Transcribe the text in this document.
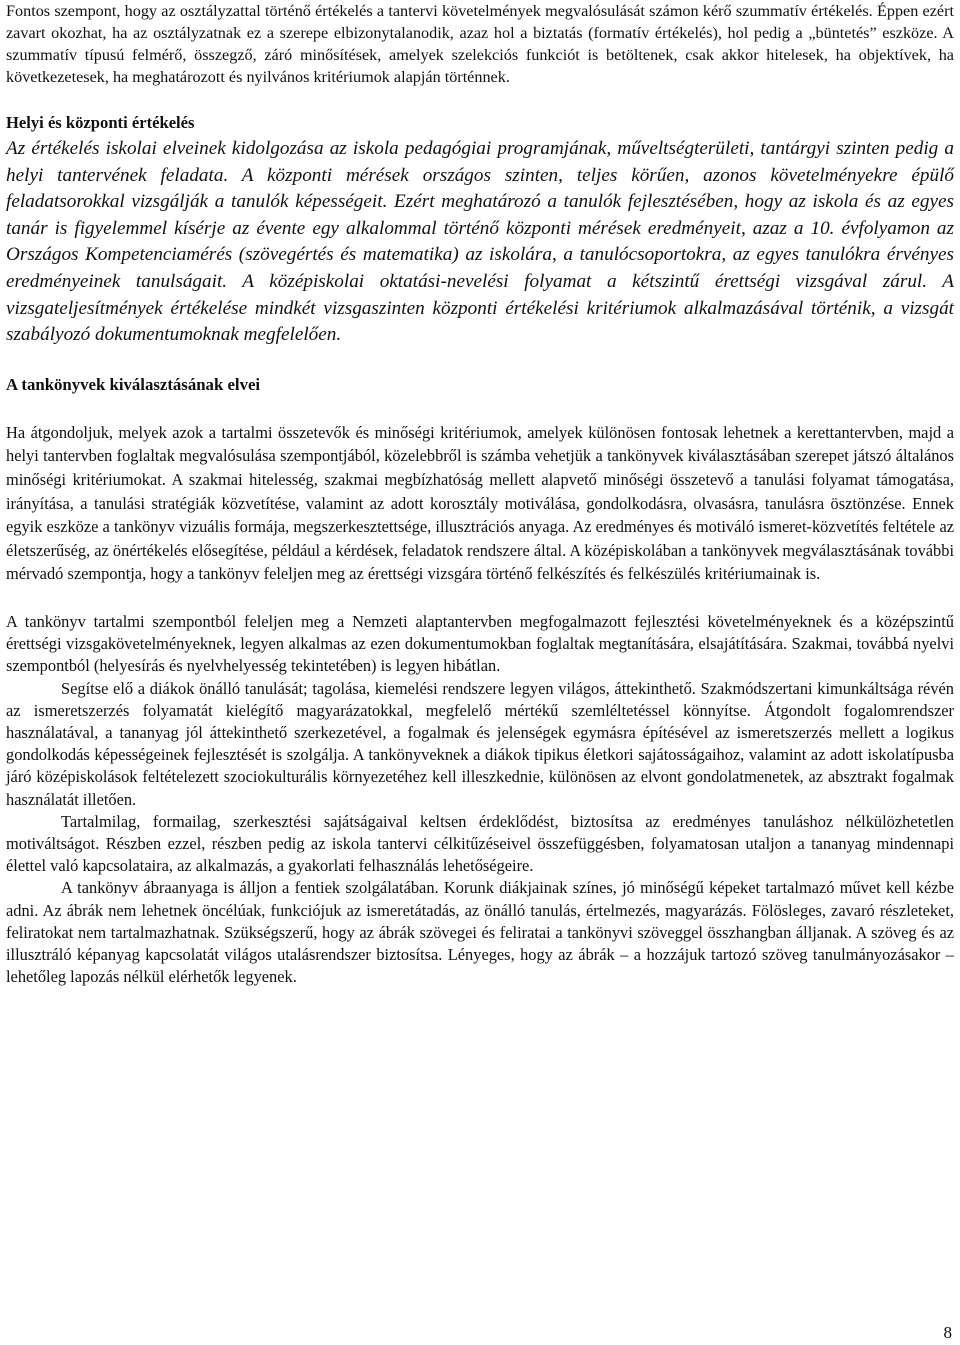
Fontos szempont, hogy az osztályzattal történő értékelés a tantervi követelmények megvalósulását számon kérő szummatív értékelés. Éppen ezért zavart okozhat, ha az osztályzatnak ez a szerepe elbizonytalanodik, azaz hol a biztatás (formatív értékelés), hol pedig a „büntetés” eszköze. A szummatív típusú felmérő, összegző, záró minősítések, amelyek szelekciós funkciót is betöltenek, csak akkor hitelesek, ha objektívek, ha következetesek, ha meghatározott és nyilvános kritériumok alapján történnek.

Helyi és központi értékelés

Az értékelés iskolai elveinek kidolgozása az iskola pedagógiai programjának, műveltségterületi, tantárgyi szinten pedig a helyi tantervének feladata. A központi mérések országos szinten, teljes körűen, azonos követelményekre épülő feladatsorokkal vizsgálják a tanulók képességeit. Ezért meghatározó a tanulók fejlesztésében, hogy az iskola és az egyes tanár is figyelemmel kísérje az évente egy alkalommal történő központi mérések eredményeit, azaz a 10. évfolyamon az Országos Kompetenciamérés (szövegértés és matematika) az iskolára, a tanulócsoportokra, az egyes tanulókra érvényes eredményeinek tanulságait. A középiskolai oktatási-nevelési folyamat a kétszintű érettségi vizsgával zárul. A vizsgateljesítmények értékelése mindkét vizsgaszinten központi értékelési kritériumok alkalmazásával történik, a vizsgát szabályozó dokumentumoknak megfelelően.

A tankönyvek kiválasztásának elvei

Ha átgondoljuk, melyek azok a tartalmi összetevők és minőségi kritériumok, amelyek különösen fontosak lehetnek a kerettantervben, majd a helyi tantervben foglaltak megvalósulása szempontjából, közelebbről is számba vehetjük a tankönyvek kiválasztásában szerepet játszó általános minőségi kritériumokat. A szakmai hitelesség, szakmai megbízhatóság mellett alapvető minőségi összetevő a tanulási folyamat támogatása, irányítása, a tanulási stratégiák közvetítése, valamint az adott korosztály motiválása, gondolkodásra, olvasásra, tanulásra ösztönzése. Ennek egyik eszköze a tankönyv vizuális formája, megszerkesztettsége, illusztrációs anyaga. Az eredményes és motiváló ismeret-közvetítés feltétele az életszerűség, az önértékelés elősegítése, például a kérdések, feladatok rendszere által. A középiskolában a tankönyvek megválasztásának további mérvadó szempontja, hogy a tankönyv feleljen meg az érettségi vizsgára történő felkészítés és felkészülés kritériumainak is.

A tankönyv tartalmi szempontból feleljen meg a Nemzeti alaptantervben megfogalmazott fejlesztési követelményeknek és a középszintű érettségi vizsgakövetelményeknek, legyen alkalmas az ezen dokumentumokban foglaltak megtanítására, elsajátítására. Szakmai, továbbá nyelvi szempontból (helyesírás és nyelvhelyesség tekintetében) is legyen hibátlan.

Segítse elő a diákok önálló tanulását; tagolása, kiemelési rendszere legyen világos, áttekinthető. Szakmódszertani kimunkáltsága révén az ismeretszerzés folyamatát kielégítő magyarázatokkal, megfelelő mértékű szemléltetéssel könnyítse. Átgondolt fogalomrendszer használatával, a tananyag jól áttekinthető szerkezetével, a fogalmak és jelenségek egymásra építésével az ismeretszerzés mellett a logikus gondolkodás képességeinek fejlesztését is szolgálja. A tankönyveknek a diákok tipikus életkori sajátosságaihoz, valamint az adott iskolatípusba járó középiskolások feltételezett szociokulturális környezetéhez kell illeszkednie, különösen az elvont gondolatmenetek, az absztrakt fogalmak használatát illetően.

Tartalmilag, formailag, szerkesztési sajátságaival keltsen érdeklődést, biztosítsa az eredményes tanuláshoz nélkülözhetetlen motiváltságot. Részben ezzel, részben pedig az iskola tantervi célkitűzéseivel összefüggésben, folyamatosan utaljon a tananyag mindennapi élettel való kapcsolataira, az alkalmazás, a gyakorlati felhasználás lehetőségeire.

A tankönyv ábraanyaga is álljon a fentiek szolgálatában. Korunk diákjainak színes, jó minőségű képeket tartalmazó művet kell kézbe adni. Az ábrák nem lehetnek öncélúak, funkciójuk az ismeretátadás, az önálló tanulás, értelmezés, magyarázás. Fölösleges, zavaró részleteket, feliratokat nem tartalmazhatnak. Szükségszerű, hogy az ábrák szövegei és feliratai a tankönyvi szöveggel összhangban álljanak. A szöveg és az illusztráló képanyag kapcsolatát világos utalásrendszer biztosítsa. Lényeges, hogy az ábrák – a hozzájuk tartozó szöveg tanulmányozásakor – lehetőleg lapozás nélkül elérhetők legyenek.

8
